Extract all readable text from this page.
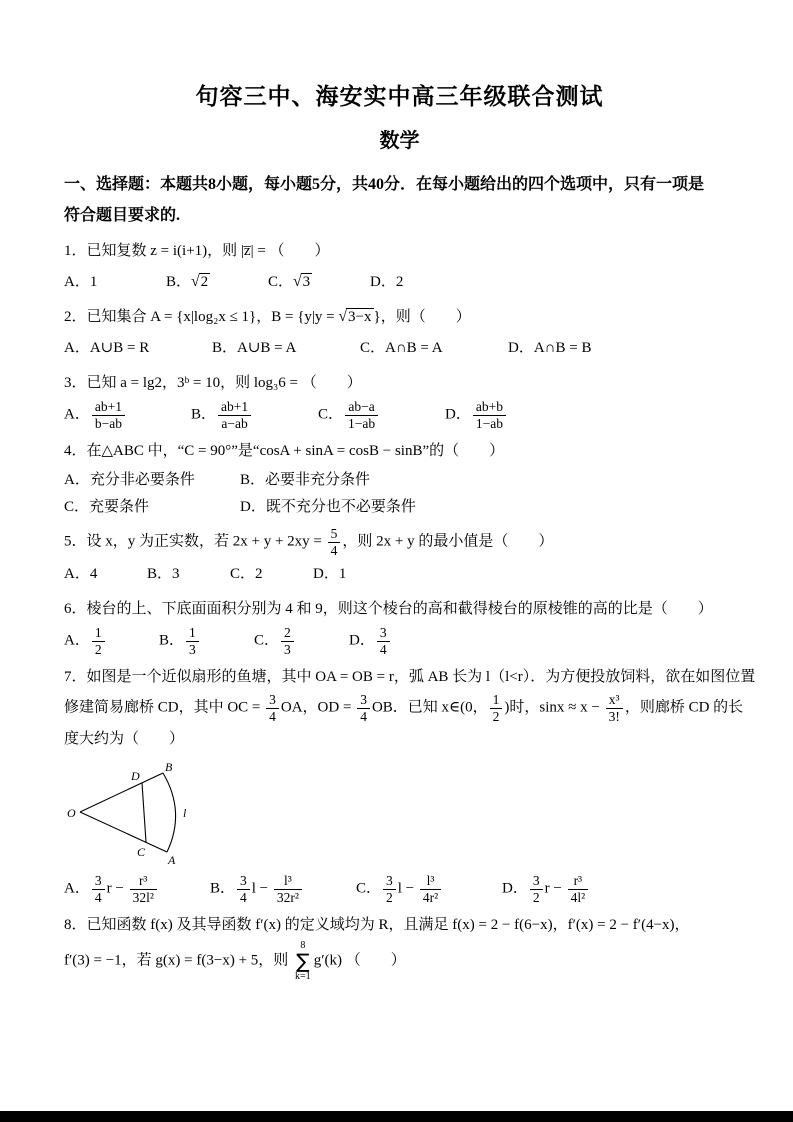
句容三中、海安实中高三年级联合测试
数学
一、选择题：本题共8小题，每小题5分，共40分．在每小题给出的四个选项中，只有一项是
符合题目要求的.
1．已知复数 z = i(i+1)，则 |z̅| = （　　）
A．1	B．√2	C．√3	D．2
2．已知集合 A = {x|log₂x ≤ 1}，B = {y|y = √3−x }，则（　　）
A．A∪B = R	B．A∪B = A	C．A∩B = A	D．A∩B = B
3．已知 a = lg2，3ᵇ = 10，则 log₃6 = （　　）
A． $\frac{ab+1}{b-ab}$	B． $\frac{ab+1}{a-ab}$	C． $\frac{ab-a}{1-ab}$	D． $\frac{ab+b}{1-ab}$
4．在△ABC 中，“C = 90°”是“cosA + sinA = cosB − sinB”的（　　）
A．充分非必要条件	B．必要非充分条件
C．充要条件	D．既不充分也不必要条件
5．设 x，y 为正实数，若 $2x + y + 2xy = \frac{5}{4}$ ，则 2x + y 的最小值是（　　）
A．4	B．3	C．2	D．1
6．棱台的上、下底面面积分别为 4 和 9，则这个棱台的高和截得棱台的原棱锥的高的比是（　　）
A． $\frac{1}{2}$	B． $\frac{1}{3}$	C． $\frac{2}{3}$	D． $\frac{3}{4}$
7．如图是一个近似扇形的鱼塘，其中 OA = OB = r，弧 AB 长为 l（l<r）．为方便投放饲料，欲在如图位置
修建简易廊桥 CD，其中 OC = $\frac{3}{4}$ OA，OD = $\frac{3}{4}$ OB．已知 x∈(0， $\frac{1}{2}$ )时，$\sin x \approx x - \frac{\text{x³}}{3!}$ ，则廊桥 CD 的长
度大约为（　　）
O
B
D
C
A
l
A． $\frac{3}{4}$ $r - \frac{\text{r³}}{\text{32l²}}$	B． $\frac{3}{4}$ $l - \frac{\text{l³}}{\text{32r²}}$	C． $\frac{3}{2}$ $l - \frac{\text{l³}}{\text{4r²}}$	D． $\frac{3}{2}$ $r - \frac{\text{r³}}{\text{4l²}}$
8．已知函数 f(x) 及其导函数 f′(x) 的定义域均为 R，且满足 f(x) = 2 − f(6−x)，f′(x) = 2 − f′(4−x)，
f′(3) = −1，若 g(x) = f(3−x) + 5，则
8
∑
k=1
g′(k) （　　）
